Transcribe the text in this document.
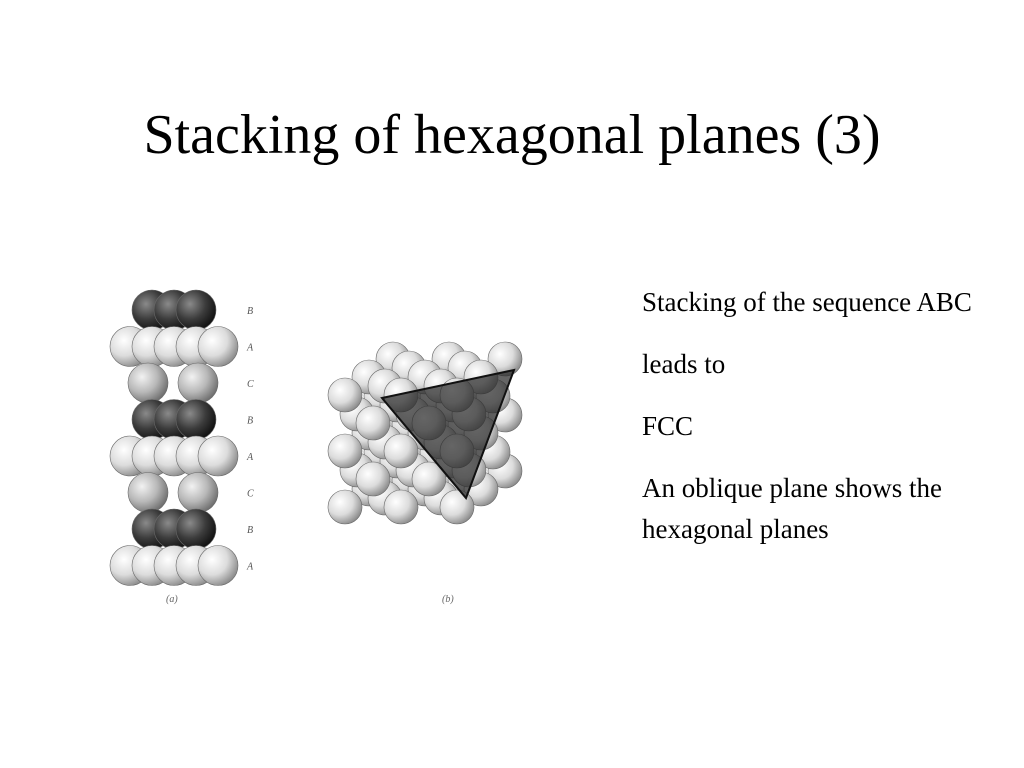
Stacking of hexagonal planes (3)
B
A
C
B
A
C
B
A
(a)	(b)

Stacking of the sequence ABC

leads to

FCC

An oblique plane shows the hexagonal planes
